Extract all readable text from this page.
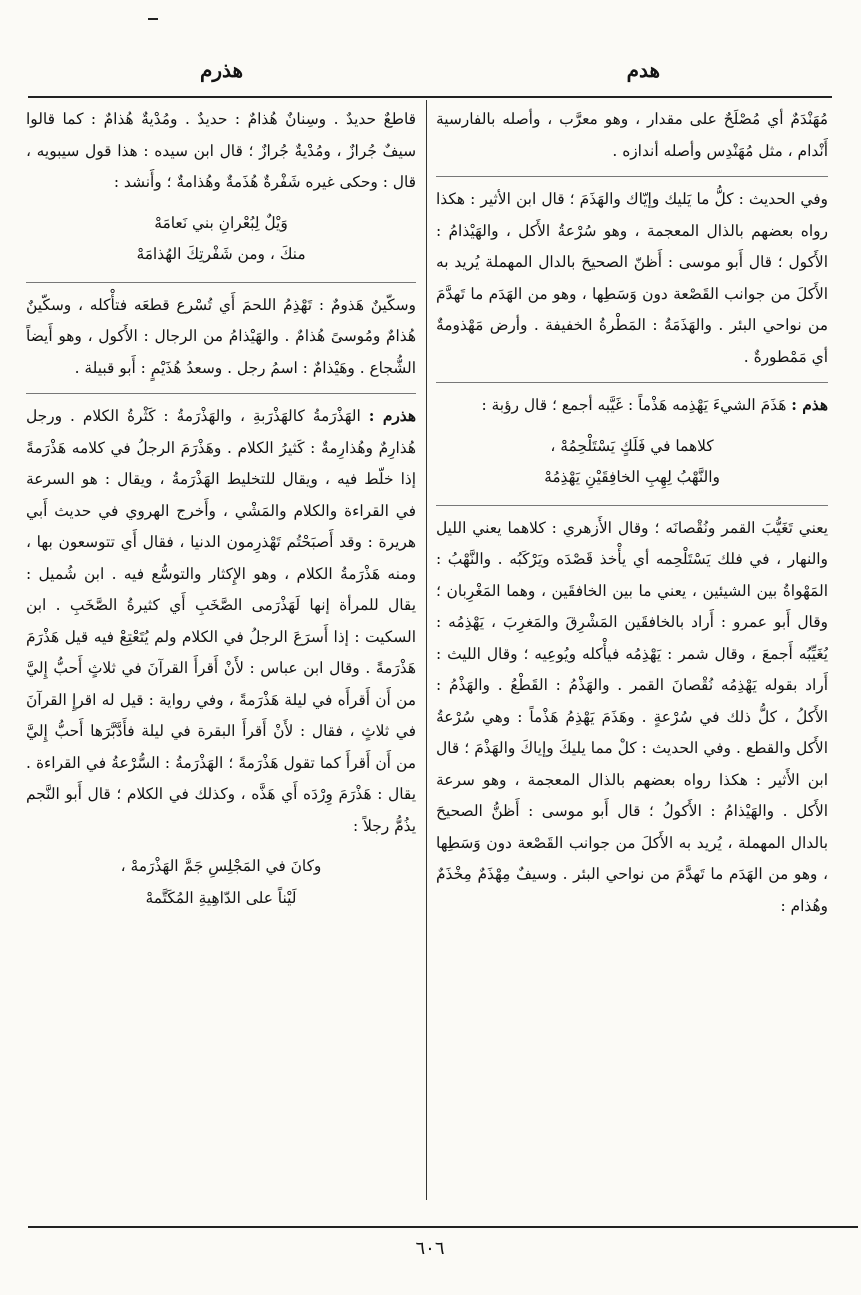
هدم
هذرم

مُهَنْدَمٌ أي مُصْلَحٌ على مقدار ، وهو معرَّب ، وأصله بالفارسية أَنْدام ، مثل مُهَنْدِس وأصله أندازه .

وفي الحديث : كلُّ ما يَليك وإيّاك والهَذَمَ ؛ قال ابن الأثير : هكذا رواه بعضهم بالذال المعجمة ، وهو سُرْعةُ الأَكل ، والهَيْذامُ : الأَكول ؛ قال أَبو موسى : أَظنّ الصحيحَ بالدال المهملة يُريد به الأَكلَ من جوانب القَصْعة دون وَسَطِها ، وهو من الهَدَم ما تَهدَّمَ من نواحي البئر . والهَذَمَةُ : المَطْرةُ الخفيفة . وأرض مَهْذومةٌ أي مَمْطورةٌ .

هذم : هَذَمَ الشيءَ يَهْذِمه هَذْماً : غَيَّبه أجمع ؛ قال رؤبة :

كلاهما في فَلَكٍ يَسْتَلْحِمُهْ ،
والنَّهْبُ لِهِبِ الخافِقَيْنِ يَهْذِمُهْ

يعني تَغَيُّبَ القمر ونُقْصانَه ؛ وقال الأَزهري : كلاهما يعني الليل والنهار ، في فلك يَسْتَلْحِمه أي يأْخذ قَصْدَه ويَرْكَبُه . والنَّهْبُ : المَهْواةُ بين الشيئين ، يعني ما بين الخافقَين ، وهما المَغْرِبان ؛ وقال أَبو عمرو : أَراد بالخافقَين المَشْرِقَ والمَغرِبَ ، يَهْذِمُه : يُغَيِّبُه أَجمعَ ، وقال شمر : يَهْذِمُه فيأْكله ويُوعِيه ؛ وقال الليث : أَراد بقوله يَهْذِمُه نُقْصانَ القمر . والهَذْمُ : القَطْعُ . والهَذْمُ : الأَكلُ ، كلُّ ذلك في سُرْعةٍ . وهَذَمَ يَهْذِمُ هَذْماً : وهي سُرْعةُ الأَكل والقطع . وفي الحديث : كلْ مما يليكَ وإياكَ والهَذْمَ ؛ قال ابن الأَثير : هكذا رواه بعضهم بالذال المعجمة ، وهو سرعة الأَكل . والهَيْذامُ : الأَكولُ ؛ قال أَبو موسى : أَظنُّ الصحيحَ بالدال المهملة ، يُريد به الأَكلَ من جوانب القَصْعة دون وَسَطِها ، وهو من الهَدَم ما تَهدَّمَ من نواحي البئر . وسيفٌ مِهْذَمٌ مِخْذَمٌ وهُذام :

قاطعٌ حديدٌ . وسِنانٌ هُذامٌ : حديدٌ . ومُدْيةٌ هُذامٌ : كما قالوا سيفٌ جُرازٌ ، ومُدْيةٌ جُرازٌ ؛ قال ابن سيده : هذا قول سيبويه ، قال : وحكى غيره شَفْرةٌ هُذَمةٌ وهُذامةٌ ؛ وأَنشد :

وَيْلٌ لِبُعْرانِ بني نَعامَهْ
منكَ ، ومن شَفْرتِكَ الهُذامَهْ

وسكّينٌ هَذومٌ : تَهْذِمُ اللحمَ أَي تُسْرع قطعَه فتأْكله ، وسكّينٌ هُذامٌ ومُوسىً هُذامٌ . والهَيْذامُ من الرجال : الأَكول ، وهو أَيضاً الشُّجاع . وهَيْذامٌ : اسمُ رجل . وسعدُ هُذَيْمٍ : أَبو قبيلة .

هذرم : الهَذْرَمةُ كالهَذْرَبةِ ، والهَذْرَمةُ : كَثْرةُ الكلام . ورجل هُذارِمٌ وهُذارِمةٌ : كَثيرُ الكلام . وهَذْرَمَ الرجلُ في كلامه هَذْرَمةً إذا خلّط فيه ، ويقال للتخليط الهَذْرَمةُ ، ويقال : هو السرعة في القراءة والكلام والمَشْي ، وأَخرج الهروي في حديث أَبي هريرة : وقد أَصبَحْتُم تَهْذرِمون الدنيا ، فقال أَي تتوسعون بها ، ومنه هَذْرَمةُ الكلام ، وهو الإِكثار والتوسُّع فيه . ابن شُميل : يقال للمرأة إنها لَهَذْرَمى الصَّخَبِ أَي كثيرةُ الصَّخَبِ . ابن السكيت : إذا أَسرَعَ الرجلُ في الكلام ولم يُتَعْتِعْ فيه قيل هَذْرَمَ هَذْرَمةً . وقال ابن عباس : لأَنْ أَقرأَ القرآنَ في ثلاثٍ أَحبُّ إِليَّ من أَن أَقرأَه في ليلة هَذْرَمةً ، وفي رواية : قيل له اقرإِ القرآنَ في ثلاثٍ ، فقال : لأَنْ أَقرأَ البقرة في ليلة فأَدَّبَّرَها أَحبُّ إِليَّ من أَن أَقرأَ كما تقول هَذْرَمةً ؛ الهَذْرَمةُ : السُّرْعةُ في القراءة . يقال : هَذْرَمَ وِرْدَه أَي هَذَّه ، وكذلك في الكلام ؛ قال أَبو النَّجم يذُمُّ رجلاً :

وكانَ في المَجْلِسِ جَمَّ الهَذْرَمهْ ،
لَيْناً على الدّاهِيةِ المُكَتَّمهْ
٦٠٦
